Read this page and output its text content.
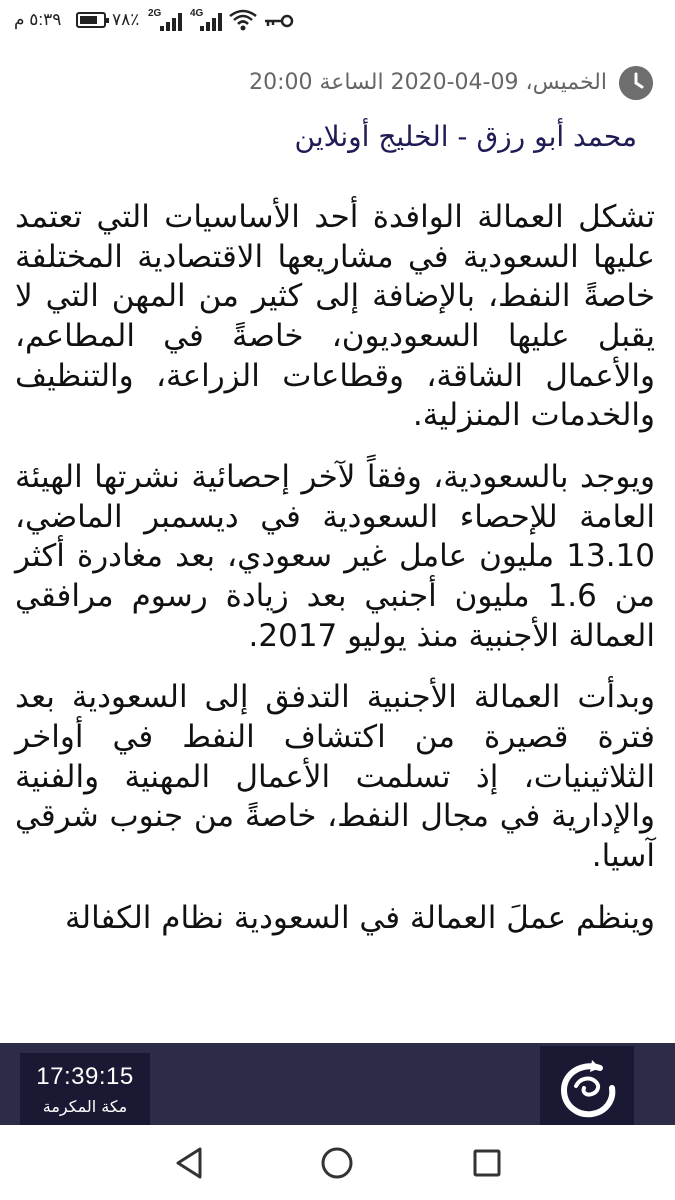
٥:٣٩ م	٧٨٪ 2G	4G
الخميس، 09-04-2020 الساعة 20:00
محمد أبو رزق - الخليج أونلاين

تشكل العمالة الوافدة أحد الأساسيات التي تعتمد عليها السعودية في مشاريعها الاقتصادية المختلفة خاصةً النفط، بالإضافة إلى كثير من المهن التي لا يقبل عليها السعوديون، خاصةً في المطاعم، والأعمال الشاقة، وقطاعات الزراعة، والتنظيف والخدمات المنزلية.

ويوجد بالسعودية، وفقاً لآخر إحصائية نشرتها الهيئة العامة للإحصاء السعودية في ديسمبر الماضي، 13.10 مليون عامل غير سعودي، بعد مغادرة أكثر من 1.6 مليون أجنبي بعد زيادة رسوم مرافقي العمالة الأجنبية منذ يوليو 2017.

وبدأت العمالة الأجنبية التدفق إلى السعودية بعد فترة قصيرة من اكتشاف النفط في أواخر الثلاثينيات، إذ تسلمت الأعمال المهنية والفنية والإدارية في مجال النفط، خاصةً من جنوب شرقي آسيا.

وينظم عملَ العمالة في السعودية نظام الكفالة

17:39:15
مكة المكرمة
